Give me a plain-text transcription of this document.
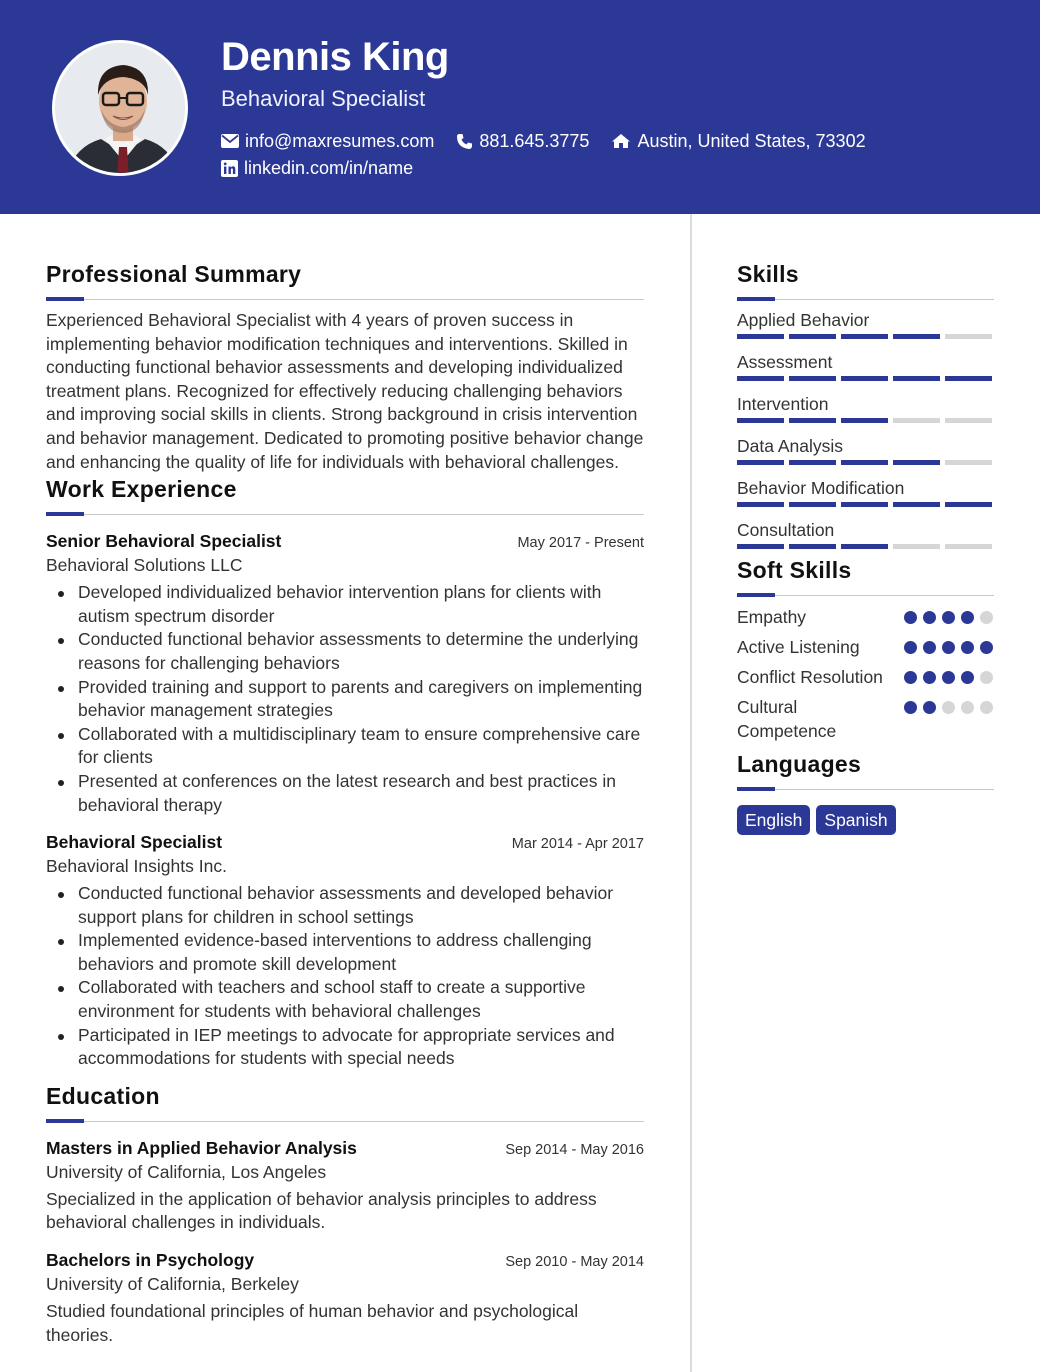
Dennis King
Behavioral Specialist
info@maxresumes.com	881.645.3775	Austin, United States, 73302
linkedin.com/in/name
Professional Summary
Experienced Behavioral Specialist with 4 years of proven success in implementing behavior modification techniques and interventions. Skilled in conducting functional behavior assessments and developing individualized treatment plans. Recognized for effectively reducing challenging behaviors and improving social skills in clients. Strong background in crisis intervention and behavior management. Dedicated to promoting positive behavior change and enhancing the quality of life for individuals with behavioral challenges.
Work Experience
Senior Behavioral Specialist	May 2017 - Present
Behavioral Solutions LLC
Developed individualized behavior intervention plans for clients with autism spectrum disorder
Conducted functional behavior assessments to determine the underlying reasons for challenging behaviors
Provided training and support to parents and caregivers on implementing behavior management strategies
Collaborated with a multidisciplinary team to ensure comprehensive care for clients
Presented at conferences on the latest research and best practices in behavioral therapy
Behavioral Specialist	Mar 2014 - Apr 2017
Behavioral Insights Inc.
Conducted functional behavior assessments and developed behavior support plans for children in school settings
Implemented evidence-based interventions to address challenging behaviors and promote skill development
Collaborated with teachers and school staff to create a supportive environment for students with behavioral challenges
Participated in IEP meetings to advocate for appropriate services and accommodations for students with special needs
Education
Masters in Applied Behavior Analysis	Sep 2014 - May 2016
University of California, Los Angeles
Specialized in the application of behavior analysis principles to address behavioral challenges in individuals.
Bachelors in Psychology	Sep 2010 - May 2014
University of California, Berkeley
Studied foundational principles of human behavior and psychological theories.
Skills
Applied Behavior
Assessment
Intervention
Data Analysis
Behavior Modification
Consultation
Soft Skills
Empathy
Active Listening
Conflict Resolution
Cultural Competence
Languages
English	Spanish
